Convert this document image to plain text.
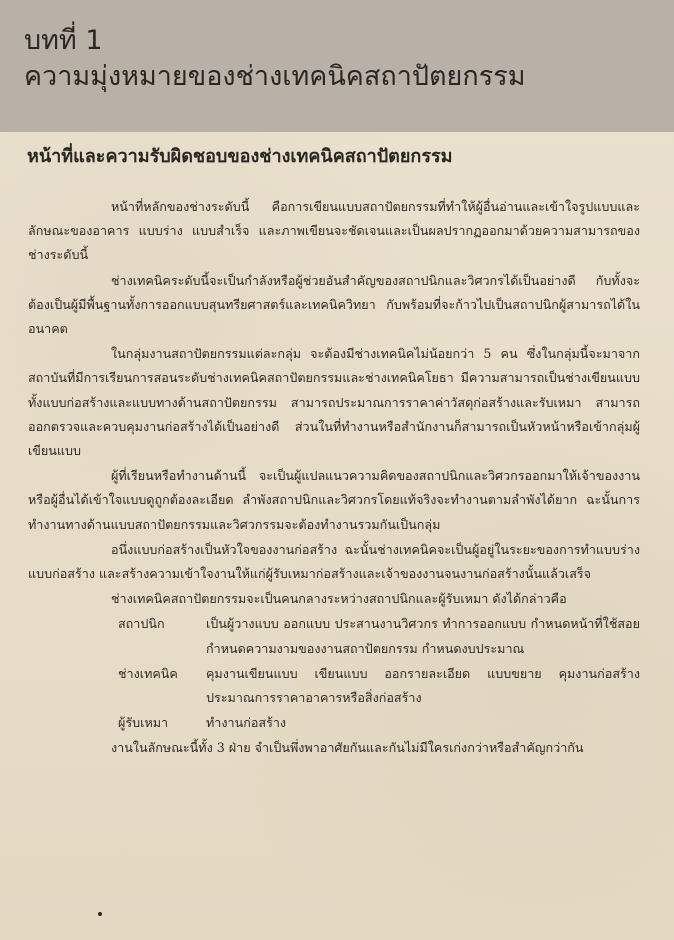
บทที่ 1
ความมุ่งหมายของช่างเทคนิคสถาปัตยกรรม
หน้าที่และความรับผิดชอบของช่างเทคนิคสถาปัตยกรรม

หน้าที่หลักของช่างระดับนี้ คือการเขียนแบบสถาปัตยกรรมที่ทำให้ผู้อื่นอ่านและเข้าใจรูปแบบและลักษณะของอาคาร แบบร่าง แบบสำเร็จ และภาพเขียนจะชัดเจนและเป็นผลปรากฏออกมาด้วยความสามารถของช่างระดับนี้

ช่างเทคนิคระดับนี้จะเป็นกำลังหรือผู้ช่วยอันสำคัญของสถาปนิกและวิศวกรได้เป็นอย่างดี กับทั้งจะต้องเป็นผู้มีพื้นฐานทั้งการออกแบบสุนทรียศาสตร์และเทคนิควิทยา กับพร้อมที่จะก้าวไปเป็นสถาปนิกผู้สามารถได้ในอนาคต

ในกลุ่มงานสถาปัตยกรรมแต่ละกลุ่ม จะต้องมีช่างเทคนิคไม่น้อยกว่า 5 คน ซึ่งในกลุ่มนี้จะมาจากสถาบันที่มีการเรียนการสอนระดับช่างเทคนิคสถาปัตยกรรมและช่างเทคนิคโยธา มีความสามารถเป็นช่างเขียนแบบทั้งแบบก่อสร้างและแบบทางด้านสถาปัตยกรรม สามารถประมาณการราคาค่าวัสดุก่อสร้างและรับเหมา สามารถออกตรวจและควบคุมงานก่อสร้างได้เป็นอย่างดี ส่วนในที่ทำงานหรือสำนักงานก็สามารถเป็นหัวหน้าหรือเข้ากลุ่มผู้เขียนแบบ

ผู้ที่เรียนหรือทำงานด้านนี้ จะเป็นผู้แปลแนวความคิดของสถาปนิกและวิศวกรออกมาให้เจ้าของงานหรือผู้อื่นได้เข้าใจแบบดูถูกต้องละเอียด ลำพังสถาปนิกและวิศวกรโดยแท้จริงจะทำงานตามลำพังได้ยาก ฉะนั้นการทำงานทางด้านแบบสถาปัตยกรรมและวิศวกรรมจะต้องทำงานรวมกันเป็นกลุ่ม

อนึ่งแบบก่อสร้างเป็นหัวใจของงานก่อสร้าง ฉะนั้นช่างเทคนิคจะเป็นผู้อยู่ในระยะของการทำแบบร่าง แบบก่อสร้าง และสร้างความเข้าใจงานให้แก่ผู้รับเหมาก่อสร้างและเจ้าของงานจนงานก่อสร้างนั้นแล้วเสร็จ

ช่างเทคนิคสถาปัตยกรรมจะเป็นคนกลางระหว่างสถาปนิกและผู้รับเหมา ดังได้กล่าวคือ

สถาปนิก	เป็นผู้วางแบบ ออกแบบ ประสานงานวิศวกร ทำการออกแบบ กำหนดหน้าที่ใช้สอย กำหนดความงามของงานสถาปัตยกรรม กำหนดงบประมาณ
ช่างเทคนิค	คุมงานเขียนแบบ เขียนแบบ ออกรายละเอียด แบบขยาย คุมงานก่อสร้าง ประมาณการราคาอาคารหรือสิ่งก่อสร้าง
ผู้รับเหมา	ทำงานก่อสร้าง

งานในลักษณะนี้ทั้ง 3 ฝ่าย จำเป็นพึ่งพาอาศัยกันและกันไม่มีใครเก่งกว่าหรือสำคัญกว่ากัน
